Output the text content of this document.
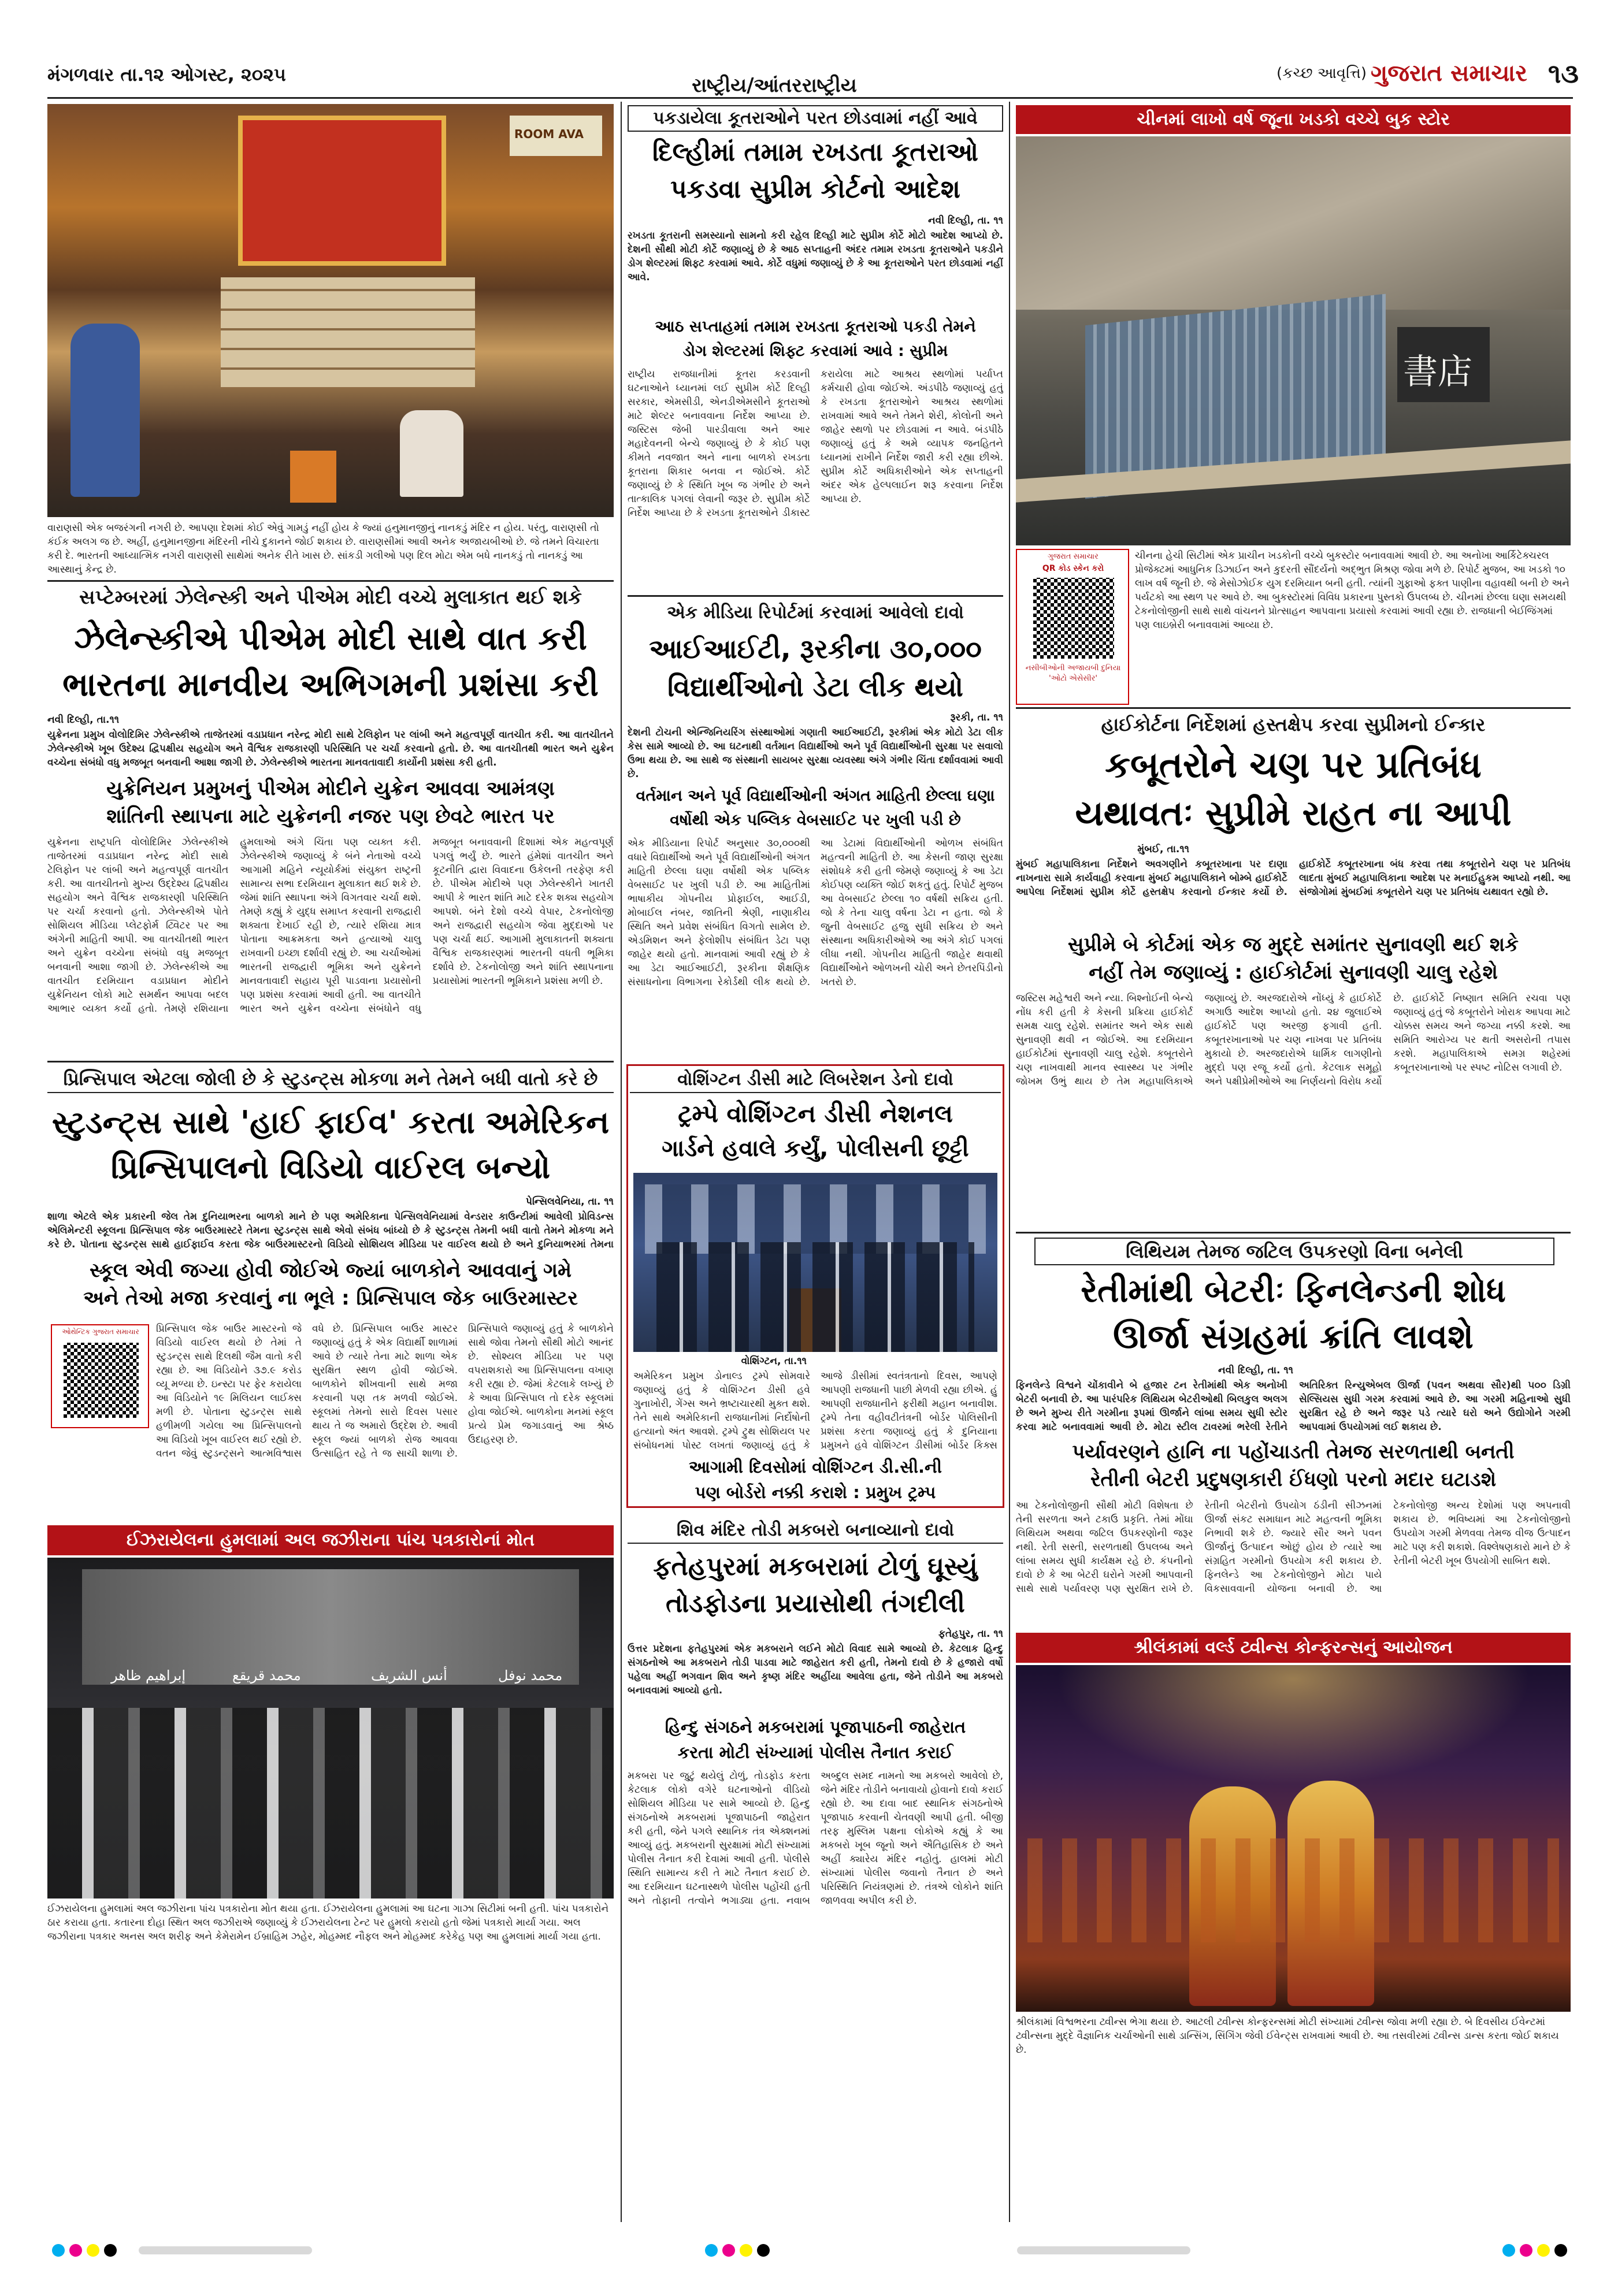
મંગળવાર તા.૧૨ ઓગસ્ટ, ૨૦૨૫	રાષ્ટ્રીય/આંતરરાષ્ટ્રીય
(કચ્છ આવૃત્તિ) ગુજરાત સમાચાર ૧૩
ROOM AVA
વારાણસી એક બજરંગની નગરી છે. આપણા દેશમાં કોઈ એવું ગામડું નહીં હોય કે જ્યાં હનુમાનજીનું નાનકડું મંદિર ન હોય. પરંતુ, વારાણસી તો કંઈક અલગ જ છે. અહીં, હનુમાનજીના મંદિરની નીચે દુકાનને જોઈ શકાય છે. વારાણસીમાં આવી અનેક અજાયબીઓ છે. જે તમને વિચારતા કરી દે. ભારતની આધ્યાત્મિક નગરી વારાણસી સાથેમાં અનેક રીતે ખાસ છે. સાંકડી ગલીઓ પણ દિલ મોટા એમ બધે નાનકડું તો નાનકડું આ આસ્થાનું કેન્દ્ર છે.
સપ્ટેમ્બરમાં ઝેલેન્સ્કી અને પીએમ મોદી વચ્ચે મુલાકાત થઈ શકે
ઝેલેન્સ્કીએ પીએમ મોદી સાથે વાત કરી
ભારતના માનવીય અભિગમની પ્રશંસા કરી
નવી દિલ્હી, તા.૧૧
યુક્રેનના પ્રમુખ વોલોદિમિર ઝેલેન્સ્કીએ તાજેતરમાં વડાપ્રધાન નરેન્દ્ર મોદી સાથે ટેલિફોન પર લાંબી અને મહત્વપૂર્ણ વાતચીત કરી. આ વાતચીતને ઝેલેન્સ્કીએ ખૂબ ઉદેશ્ય દ્વિપક્ષીય સહયોગ અને વૈશ્વિક રાજકારણી પરિસ્થિતિ પર ચર્ચા કરવાનો હતો. છે. આ વાતચીતથી ભારત અને યુક્રેન વચ્ચેના સંબંધો વધુ મજબૂત બનવાની આશા જાગી છે. ઝેલેન્સ્કીએ ભારતના માનવતાવાદી કાર્યોની પ્રશંસા કરી હતી.
યુક્રેનિયન પ્રમુખનું પીએમ મોદીને યુક્રેન આવવા આમંત્રણ
શાંતિની સ્થાપના માટે યુક્રેનની નજર પણ છેવટે ભારત પર
યુક્રેનના રાષ્ટ્રપતિ વોલોદિમિર ઝેલેન્સ્કીએ તાજેતરમાં વડાપ્રધાન નરેન્દ્ર મોદી સાથે ટેલિફોન પર લાંબી અને મહત્વપૂર્ણ વાતચીત કરી. આ વાતચીતનો મુખ્ય ઉદ્દેશ્ય દ્વિપક્ષીય સહયોગ અને વૈશ્વિક રાજકારણી પરિસ્થિતિ પર ચર્ચા કરવાનો હતો. ઝેલેન્સ્કીએ પોતે સોશિયલ મીડિયા પ્લેટફોર્મ ટ્વિટર પર આ અંગેની માહિતી આપી. આ વાતચીતથી ભારત અને યુક્રેન વચ્ચેના સંબંધો વધુ મજબૂત બનવાની આશા જાગી છે. ઝેલેન્સ્કીએ આ વાતચીત દરમિયાન વડાપ્રધાન મોદીને યુક્રેનિયન લોકો માટે સમર્થન આપવા બદલ આભાર વ્યક્ત કર્યો હતો. તેમણે રશિયાના હુમલાઓ અંગે ચિંતા પણ વ્યક્ત કરી. ઝેલેન્સ્કીએ જણાવ્યું કે બંને નેતાઓ વચ્ચે આગામી મહિને ન્યૂયોર્કમાં સંયુક્ત રાષ્ટ્રની સામાન્ય સભા દરમિયાન મુલાકાત થઈ શકે છે. જેમાં શાંતિ સ્થાપના અંગે વિગતવાર ચર્ચા થશે. તેમણે કહ્યું કે યુદ્ધ સમાપ્ત કરવાની રાજદ્વારી શક્યતા દેખાઈ રહી છે, ત્યારે રશિયા માત્ર પોતાના આક્રમકતા અને હત્યાઓ ચાલુ રાખવાની ઇચ્છા દર્શાવી રહ્યું છે. આ ચર્ચાઓમાં ભારતની રાજદ્વારી ભૂમિકા અને યુક્રેનને માનવતાવાદી સહાય પૂરી પાડવાના પ્રયાસોની પણ પ્રશંસા કરવામાં આવી હતી. આ વાતચીતે ભારત અને યુક્રેન વચ્ચેના સંબંધોને વધુ મજબૂત બનાવવાની દિશામાં એક મહત્વપૂર્ણ પગલું ભર્યું છે. ભારતે હંમેશાં વાતચીત અને કૂટનીતિ દ્વારા વિવાદના ઉકેલની તરફેણ કરી છે. પીએમ મોદીએ પણ ઝેલેન્સ્કીને ખાતરી આપી કે ભારત શાંતિ માટે દરેક શક્ય સહયોગ આપશે. બંને દેશો વચ્ચે વેપાર, ટેકનોલોજી અને રાજદ્વારી સહયોગ જેવા મુદ્દાઓ પર પણ ચર્ચા થઈ. આગામી મુલાકાતની શક્યતા વૈશ્વિક રાજકારણમાં ભારતની વધતી ભૂમિકા દર્શાવે છે. ટેકનોલોજી અને શાંતિ સ્થાપનાના પ્રયાસોમાં ભારતની ભૂમિકાને પ્રશંસા મળી છે.
પ્રિન્સિપાલ એટલા જોલી છે કે સ્ટુડન્ટ્સ મોકળા મને તેમને બધી વાતો કરે છે
સ્ટુડન્ટ્સ સાથે 'હાઈ ફાઈવ' કરતા અમેરિકન
પ્રિન્સિપાલનો વિડિયો વાઈરલ બન્યો
પેન્સિલવેનિયા, તા. ૧૧
શાળા એટલે એક પ્રકારની જેલ તેમ દુનિયાભરના બાળકો માને છે પણ અમેરિકાના પેન્સિલવેનિયામાં વેન્ડરાર કાઉન્ટીમાં આવેલી પ્રોવિડન્સ એલિમેન્ટરી સ્કૂલના પ્રિન્સિપાલ જેક બાઉરમાસ્ટરે તેમના સ્ટુડન્ટ્સ સાથે એવો સંબંધ બાંધ્યો છે કે સ્ટુડન્ટ્સ તેમની બધી વાતો તેમને મોકળા મને કરે છે. પોતાના સ્ટુડન્ટ્સ સાથે હાઈફાઈવ કરતા જેક બાઉરમાસ્ટરનો વિડિયો સોશિયલ મીડિયા પર વાઈરલ થયો છે અને દુનિયાભરમાં તેમના
સ્કૂલ એવી જગ્યા હોવી જોઈએ જ્યાં બાળકોને આવવાનું ગમે
અને તેઓ મજા કરવાનું ના ભૂલે : પ્રિન્સિપાલ જેક બાઉરમાસ્ટર
ઓથેન્ટિક ગુજરાત સમાચાર	પ્રિન્સિપાલ જેક બાઉર માસ્ટરનો જે વિડિયો વાઈરલ થયો છે તેમાં તે સ્ટુડન્ટ્સ સાથે દિલથી જૈમ વાતો કરી રહ્યા છે. આ વિડિયોને ૩૭.૯ કરોડ વ્યૂ મળ્યા છે. ઇન્સ્ટા પર ફેર કરાયેલા આ વિડિયોને ૧૯ મિલિયન લાઈક્સ મળી છે. પોતાના સ્ટુડન્ટ્સ સાથે હળીમળી ગયેલા આ પ્રિન્સિપાલનો આ વિડિયો ખૂબ વાઈરલ થઈ રહ્યો છે. વતન જેવું સ્ટુડન્ટ્સને આત્મવિશ્વાસ વધે છે. પ્રિન્સિપાલ બાઉર માસ્ટર જણાવ્યું હતું કે એક વિદ્યાર્થી શાળામાં આવે છે ત્યારે તેના માટે શાળા એક સુરક્ષિત સ્થળ હોવી જોઈએ. બાળકોને શીખવાની સાથે મજા કરવાની પણ તક મળવી જોઈએ. સ્કૂલમાં તેમનો સારો દિવસ પસાર થાય તે જ અમારો ઉદ્દેશ છે. આવી સ્કૂલ જ્યાં બાળકો રોજ આવવા ઉત્સાહિત રહે તે જ સાચી શાળા છે. પ્રિન્સિપાલે જણાવ્યું હતું કે બાળકોને સાથે જોવા તેમનો સૌથી મોટો આનંદ છે. સોશ્યલ મીડિયા પર પણ વપરાશકારો આ પ્રિન્સિપાલના વખાણ કરી રહ્યા છે. જેમાં કેટલાકે લખ્યું છે કે આવા પ્રિન્સિપાલ તો દરેક સ્કૂલમાં હોવા જોઈએ. બાળકોના મનમાં સ્કૂલ પ્રત્યે પ્રેમ જગાડવાનું આ શ્રેષ્ઠ ઉદાહરણ છે.
ઈઝરાયેલના હુમલામાં અલ જઝીરાના પાંચ પત્રકારોનાં મોત
إبراهيم ظاهر	محمد قريقع	أنس الشريف	محمد نوفل
ઈઝરાયેલના હુમલામાં અલ જઝીરાના પાંચ પત્રકારોના મોત થયા હતા. ઈઝરાયેલના હુમલામાં આ ઘટના ગાઝા સિટીમાં બની હતી. પાંચ પત્રકારોને ઠાર કરાયા હતા. કતારના દોહા સ્થિત અલ જઝીરાએ જણાવ્યું કે ઈઝરાયેલના ટેન્ટ પર હુમલો કરાયો હતો જેમાં પત્રકારો માર્યા ગયા. અલ જઝીરાના પત્રકાર અનસ અલ શરીફ અને કેમેરામેન ઈબ્રાહિમ ઝહેર, મોહમ્મદ નૌફલ અને મોહમ્મદ કરેકેહ પણ આ હુમલામાં માર્યા ગયા હતા.
પકડાયેલા કૂતરાઓને પરત છોડવામાં નહીં આવે
દિલ્હીમાં તમામ રખડતા કૂતરાઓ
પકડવા સુપ્રીમ કોર્ટનો આદેશ
નવી દિલ્હી, તા. ૧૧
રખડતા કૂતરાની સમસ્યાનો સામનો કરી રહેલ દિલ્હી માટે સુપ્રીમ કોર્ટે મોટો આદેશ આપ્યો છે. દેશની સૌથી મોટી કોર્ટે જણાવ્યું છે કે આઠ સપ્તાહની અંદર તમામ રખડતા કૂતરાઓને પકડીને ડોગ શેલ્ટરમાં શિફ્ટ કરવામાં આવે. કોર્ટે વધુમાં જણાવ્યું છે કે આ કૂતરાઓને પરત છોડવામાં નહીં આવે.
આઠ સપ્તાહમાં તમામ રખડતા કૂતરાઓ પકડી તેમને
ડોગ શેલ્ટરમાં શિફ્ટ કરવામાં આવે : સુપ્રીમ
રાષ્ટ્રીય રાજધાનીમાં કૂતરા કરડવાની ઘટનાઓને ધ્યાનમાં લઈ સુપ્રીમ કોર્ટે દિલ્હી સરકાર, એમસીડી, એનડીએમસીને કૂતરાઓ માટે શેલ્ટર બનાવવાના નિર્દેશ આપ્યા છે. જસ્ટિસ જેબી પારડીવાલા અને આર મહાદેવનની બેન્ચે જણાવ્યું છે કે કોઈ પણ કીમતે નવજાત અને નાના બાળકો રખડતા કૂતરાના શિકાર બનવા ન જોઈએ. કોર્ટે જણાવ્યું છે કે સ્થિતિ ખૂબ જ ગંભીર છે અને તાત્કાલિક પગલાં લેવાની જરૂર છે. સુપ્રીમ કોર્ટે નિર્દેશ આપ્યા છે કે રખડતા કૂતરાઓને ડીકાસ્ટ કરાયેલા માટે આશ્રય સ્થળોમાં પર્યાપ્ત કર્મચારી હોવા જોઈએ. અંડપીઠે જણાવ્યું હતું કે રખડતા કૂતરાઓને આશ્રય સ્થળોમાં રાખવામાં આવે અને તેમને શેરી, કોલોની અને જાહેર સ્થળો પર છોડવામાં ન આવે. બંડપીઠે જણાવ્યું હતું કે અમે વ્યાપક જનહિતને ધ્યાનમાં રાખીને નિર્દેશ જારી કરી રહ્યા છીએ. સુપ્રીમ કોર્ટે અધિકારીઓને એક સપ્તાહની અંદર એક હેલ્પલાઈન શરૂ કરવાના નિર્દેશ આપ્યા છે.
એક મીડિયા રિપોર્ટમાં કરવામાં આવેલો દાવો
આઈઆઈટી, રૂરકીના ૩૦,૦૦૦
વિદ્યાર્થીઓનો ડેટા લીક થયો
રૂરકી, તા. ૧૧
દેશની ટોચની એન્જિનિયરિંગ સંસ્થાઓમાં ગણાતી આઈઆઈટી, રૂરકીમાં એક મોટો ડેટા લીક કેસ સામે આવ્યો છે. આ ઘટનાથી વર્તમાન વિદ્યાર્થીઓ અને પૂર્વ વિદ્યાર્થીઓની સુરક્ષા પર સવાલો ઉભા થયા છે. આ સાથે જ સંસ્થાની સાયબર સુરક્ષા વ્યવસ્થા અંગે ગંભીર ચિંતા દર્શાવવામાં આવી છે.
વર્તમાન અને પૂર્વ વિદ્યાર્થીઓની અંગત માહિતી છેલ્લા ઘણા
વર્ષોથી એક પબ્લિક વેબસાઈટ પર ખુલી પડી છે
એક મીડિયાના રિપોર્ટ અનુસાર ૩૦,૦૦૦થી વધારે વિદ્યાર્થીઓ અને પૂર્વ વિદ્યાર્થીઓની અંગત માહિતી છેલ્લા ઘણા વર્ષોથી એક પબ્લિક વેબસાઈટ પર ખુલી પડી છે. આ માહિતીમાં ભાષાકીય ગોપનીય પ્રોફાઈલ, આઈડી, મોબાઈલ નંબર, જાતિની શ્રેણી, નાણાકીય સ્થિતિ અને પ્રવેશ સંબંધિત વિગતો સામેલ છે. એડમિશન અને ફેલોશીપ સંબંધિત ડેટા પણ જાહેર થયો હતો. માનવામાં આવી રહ્યું છે કે આ ડેટા આઈઆઈટી, રૂરકીના શૈક્ષણિક સંસાધનોના વિભાગના રેકોર્ડથી લીક થયો છે. આ ડેટામાં વિદ્યાર્થીઓની ઓળખ સંબંધિત મહત્વની માહિતી છે. આ કેસની જાણ સુરક્ષા સંશોધકે કરી હતી જેમણે જણાવ્યું કે આ ડેટા કોઈપણ વ્યક્તિ જોઈ શકતું હતું. રિપોર્ટ મુજબ આ વેબસાઈટ છેલ્લા ૧૦ વર્ષથી સક્રિય હતી. જો કે તેના ચાલુ વર્ષના ડેટા ન હતા. જો કે જુની વેબસાઈટ હજુ સુધી સક્રિય છે અને સંસ્થાના અધિકારીઓએ આ અંગે કોઈ પગલાં લીધા નથી. ગોપનીય માહિતી જાહેર થવાથી વિદ્યાર્થીઓને ઓળખની ચોરી અને છેતરપિંડીનો ખતરો છે.
વોશિંગ્ટન ડીસી માટે લિબરેશન ડેનો દાવો
ટ્રમ્પે વોશિંગ્ટન ડીસી નેશનલ
ગાર્ડને હવાલે કર્યું, પોલીસની છૂટ્ટી
વોશિંગ્ટન, તા.૧૧
અમેરિકન પ્રમુખ ડોનાલ્ડ ટ્રમ્પે સોમવારે જણાવ્યું હતું કે વોશિંગ્ટન ડીસી હવે ગુનાખોરી, ગેંગ્સ અને ભ્રષ્ટાચારથી મુક્ત થશે. તેને સાથે અમેરિકાની રાજધાનીમાં નિર્દોષોની હત્યાનો અંત આવશે. ટ્રમ્પે ટ્રુથ સોશિયલ પર સંબોધનમાં પોસ્ટ લખતાં જણાવ્યું હતું કે આજે ડીસીમાં સ્વતંત્રતાનો દિવસ, આપણે આપણી રાજધાની પાછી મેળવી રહ્યા છીએ. હું આપણી રાજધાનીને ફરીથી મહાન બનાવીશ. ટ્રમ્પે તેના વહીવટીતંત્રની બોર્ડર પોલિસીની પ્રશંસા કરતા જણાવ્યું હતું કે દુનિયાના પ્રમુખને હવે વોશિંગ્ટન ડીસીમાં બોર્ડર કિક્સ
આગામી દિવસોમાં વોશિંગ્ટન ડી.સી.ની
પણ બોર્ડરો નક્કી કરાશે : પ્રમુખ ટ્રમ્પ
શિવ મંદિર તોડી મકબરો બનાવ્યાનો દાવો
ફતેહપુરમાં મકબરામાં ટોળું ઘૂસ્યું
તોડફોડના પ્રયાસોથી તંગદીલી
ફતેહપુર, તા. ૧૧
ઉત્તર પ્રદેશના ફતેહપુરમાં એક મકબરાને લઈને મોટો વિવાદ સામે આવ્યો છે. કેટલાક હિન્દુ સંગઠનોએ આ મકબરાને તોડી પાડવા માટે જાહેરાત કરી હતી, તેમનો દાવો છે કે હજારો વર્ષો પહેલા અહીં ભગવાન શિવ અને કૃષ્ણ મંદિર અહીંયા આવેલા હતા, જેને તોડીને આ મકબરો બનાવવામાં આવ્યો હતો.
હિન્દુ સંગઠને મકબરામાં પૂજાપાઠની જાહેરાત
કરતા મોટી સંખ્યામાં પોલીસ તૈનાત કરાઈ
મકબરા પર જુટું થયેલું ટોળું, તોડફોડ કરતા કેટલાક લોકો વગેરે ઘટનાઓનો વીડિયો સોશિયલ મીડિયા પર સામે આવ્યો છે. હિન્દુ સંગઠનોએ મકબરામાં પૂજાપાઠની જાહેરાત કરી હતી, જેને પગલે સ્થાનિક તંત્ર એક્શનમાં આવ્યું હતું. મકબરાની સુરક્ષામાં મોટી સંખ્યામાં પોલીસ તૈનાત કરી દેવામાં આવી હતી. પોલીસે સ્થિતિ સામાન્ય કરી તે માટે તૈનાત કરાઈ છે. આ દરમિયાન ઘટનાસ્થળે પોલીસ પહોંચી હતી અને તોફાની તત્વોને ભગાડ્યા હતા. નવાબ અબ્દુલ સમદ નામનો આ મકબરો આવેલો છે, જેને મંદિર તોડીને બનાવાયો હોવાનો દાવો કરાઈ રહ્યો છે. આ દાવા બાદ સ્થાનિક સંગઠનોએ પૂજાપાઠ કરવાની ચેતવણી આપી હતી. બીજી તરફ મુસ્લિમ પક્ષના લોકોએ કહ્યું કે આ મકબરો ખૂબ જૂનો અને ઐતિહાસિક છે અને અહીં ક્યારેય મંદિર નહોતું. હાલમાં મોટી સંખ્યામાં પોલીસ જવાનો તૈનાત છે અને પરિસ્થિતિ નિયંત્રણમાં છે. તંત્રએ લોકોને શાંતિ જાળવવા અપીલ કરી છે.
ચીનમાં લાખો વર્ષ જૂના ખડકો વચ્ચે બુક સ્ટોર
書店
ગુજરાત સમાચાર
QR કોડ સ્કેન કરો
નસીબીઓની અજાયબી દુનિયા 'ઓટો એસેસીર'
ચીનના હેચી સિટીમાં એક પ્રાચીન ખડકોની વચ્ચે બુકસ્ટોર બનાવવામાં આવી છે. આ અનોખા આર્કિટેક્ચરલ પ્રોજેક્ટમાં આધુનિક ડિઝાઈન અને કુદરતી સૌંદર્યનો અદ્ભુત મિશ્રણ જોવા મળે છે. રિપોર્ટ મુજબ, આ ખડકો ૧૦ લાખ વર્ષ જૂની છે. જે મેસોઝોઈક યુગ દરમિયાન બની હતી. ત્યાંની ગુફાઓ ફક્ત પાણીના વહાવથી બની છે અને પર્યટકો આ સ્થળ પર આવે છે. આ બુકસ્ટોરમાં વિવિધ પ્રકારના પુસ્તકો ઉપલબ્ધ છે. ચીનમાં છેલ્લા ઘણા સમયથી ટેકનોલોજીની સાથે સાથે વાંચનને પ્રોત્સાહન આપવાના પ્રયાસો કરવામાં આવી રહ્યા છે. રાજધાની બેઈજિંગમાં પણ લાઇબ્રેરી બનાવવામાં આવ્યા છે.
હાઈકોર્ટના નિર્દેશમાં હસ્તક્ષેપ કરવા સુપ્રીમનો ઈન્કાર
કબૂતરોને ચણ પર પ્રતિબંધ
યથાવતઃ સુપ્રીમે રાહત ના આપી
મુંબઈ, તા.૧૧
મુંબઈ મહાપાલિકાના નિર્દેશને અવગણીને કબૂતરખાના પર દાણા નાખનારા સામે કાર્યવાહી કરવાના મુંબઈ મહાપાલિકાને બોમ્બે હાઈકોર્ટે આપેલા નિર્દેશમાં સુપ્રીમ કોર્ટે હસ્તક્ષેપ કરવાનો ઈન્કાર કર્યો છે. હાઈકોર્ટે કબૂતરખાના બંધ કરવા તથા કબૂતરોને ચણ પર પ્રતિબંધ લાદતા મુંબઈ મહાપાલિકાના આદેશ પર મનાઈહુકમ આપ્યો નથી. આ સંજોગોમાં મુંબઈમાં કબૂતરોને ચણ પર પ્રતિબંધ યથાવત રહ્યો છે.
સુપ્રીમે બે કોર્ટમાં એક જ મુદ્દે સમાંતર સુનાવણી થઈ શકે
નહીં તેમ જણાવ્યું : હાઈકોર્ટમાં સુનાવણી ચાલુ રહેશે
જસ્ટિસ મહેશ્વરી અને ન્યા. બિશ્નોઈની બેન્ચે નોંધ કરી હતી કે કેસની પ્રક્રિયા હાઈકોર્ટ સમક્ષ ચાલુ રહેશે. સમાંતર અને એક સાથે સુનાવણી થવી ન જોઈએ. આ દરમિયાન હાઈકોર્ટમાં સુનાવણી ચાલુ રહેશે. કબૂતરોને ચણ નાખવાથી માનવ સ્વાસ્થ્ય પર ગંભીર જોખમ ઉભું થાય છે તેમ મહાપાલિકાએ જણાવ્યું છે. અરજદારોએ નોંધ્યું કે હાઈકોર્ટે અગાઉ આદેશ આપ્યો હતો. ૨૪ જુલાઈએ હાઈકોર્ટે પણ અરજી ફગાવી હતી. કબૂતરખાનાઓ પર ચણ નાખવા પર પ્રતિબંધ મુકાયો છે. અરજદારોએ ધાર્મિક લાગણીનો મુદ્દો પણ રજૂ કર્યો હતો. કેટલાક સમૂહો અને પક્ષીપ્રેમીઓએ આ નિર્ણયનો વિરોધ કર્યો છે. હાઈકોર્ટે નિષ્ણાત સમિતિ રચવા પણ જણાવ્યું હતું જે કબૂતરોને ખોરાક આપવા માટે ચોક્કસ સમય અને જગ્યા નક્કી કરશે. આ સમિતિ આરોગ્ય પર થતી અસરોની તપાસ કરશે. મહાપાલિકાએ સમગ્ર શહેરમાં કબૂતરખાનાઓ પર સ્પષ્ટ નોટિસ લગાવી છે.
લિથિયમ તેમજ જટિલ ઉપકરણો વિના બનેલી
રેતીમાંથી બેટરીઃ ફિનલેન્ડની શોધ
ઊર્જા સંગ્રહમાં ક્રાંતિ લાવશે
નવી દિલ્હી, તા. ૧૧
ફિનલેન્ડે વિશ્વને ચોંકાવીને બે હજાર ટન રેતીમાંથી એક અનોખી બેટરી બનાવી છે. આ પારંપરિક લિથિયમ બેટરીઓથી બિલકુલ અલગ છે અને મુખ્ય રીતે ગરમીના રૂપમાં ઊર્જાને લાંબા સમય સુધી સ્ટોર કરવા માટે બનાવવામાં આવી છે. મોટા સ્ટીલ ટાવરમાં ભરેલી રેતીને અતિરિક્ત રિન્યુએબલ ઊર્જા (પવન અથવા સૌર)થી ૫૦૦ ડિગ્રી સેલ્સિયસ સુધી ગરમ કરવામાં આવે છે. આ ગરમી મહિનાઓ સુધી સુરક્ષિત રહે છે અને જરૂર પડે ત્યારે ઘરો અને ઉદ્યોગોને ગરમી આપવામાં ઉપયોગમાં લઈ શકાય છે.
પર્યાવરણને હાનિ ના પહોંચાડતી તેમજ સરળતાથી બનતી
રેતીની બેટરી પ્રદુષણકારી ઈંધણો પરનો મદાર ઘટાડશે
આ ટેકનોલોજીની સૌથી મોટી વિશેષતા છે તેની સરળતા અને ટકાઉ પ્રકૃતિ. તેમાં મોંઘા લિથિયમ અથવા જટિલ ઉપકરણોની જરૂર નથી. રેતી સસ્તી, સરળતાથી ઉપલબ્ધ અને લાંબા સમય સુધી કાર્યક્ષમ રહે છે. કંપનીનો દાવો છે કે આ બેટરી ઘરોને ગરમી આપવાની સાથે સાથે પર્યાવરણ પણ સુરક્ષિત રાખે છે. રેતીની બેટરીનો ઉપયોગ ઠંડીની સીઝનમાં ઊર્જા સંકટ સમાધાન માટે મહત્વની ભૂમિકા નિભાવી શકે છે. જ્યારે સૌર અને પવન ઊર્જાનું ઉત્પાદન ઓછું હોય છે ત્યારે આ સંગ્રહિત ગરમીનો ઉપયોગ કરી શકાય છે. ફિનલેન્ડે આ ટેકનોલોજીને મોટા પાયે વિકસાવવાની યોજના બનાવી છે. આ ટેકનોલોજી અન્ય દેશોમાં પણ અપનાવી શકાય છે. ભવિષ્યમાં આ ટેકનોલોજીનો ઉપયોગ ગરમી મેળવવા તેમજ વીજ ઉત્પાદન માટે પણ કરી શકાશે. વિશ્લેષણકારો માને છે કે રેતીની બેટરી ખૂબ ઉપયોગી સાબિત થશે.
શ્રીલંકામાં વર્લ્ડ ટ્વીન્સ કોન્ફરન્સનું આયોજન
શ્રીલંકામાં વિશ્વભરના ટ્વીન્સ ભેગા થયા છે. આટલી ટ્વીન્સ કોન્ફરન્સમાં મોટી સંખ્યામાં ટ્વીન્સ જોવા મળી રહ્યા છે. બે દિવસીય ઈવેન્ટમાં ટ્વીન્સના મુદ્દે વૈજ્ઞાનિક ચર્ચાઓની સાથે ડાન્સિંગ, સિંગિંગ જેવી ઈવેન્ટ્સ રાખવામાં આવી છે. આ તસવીરમાં ટ્વીન્સ ડાન્સ કરતા જોઈ શકાય છે.
